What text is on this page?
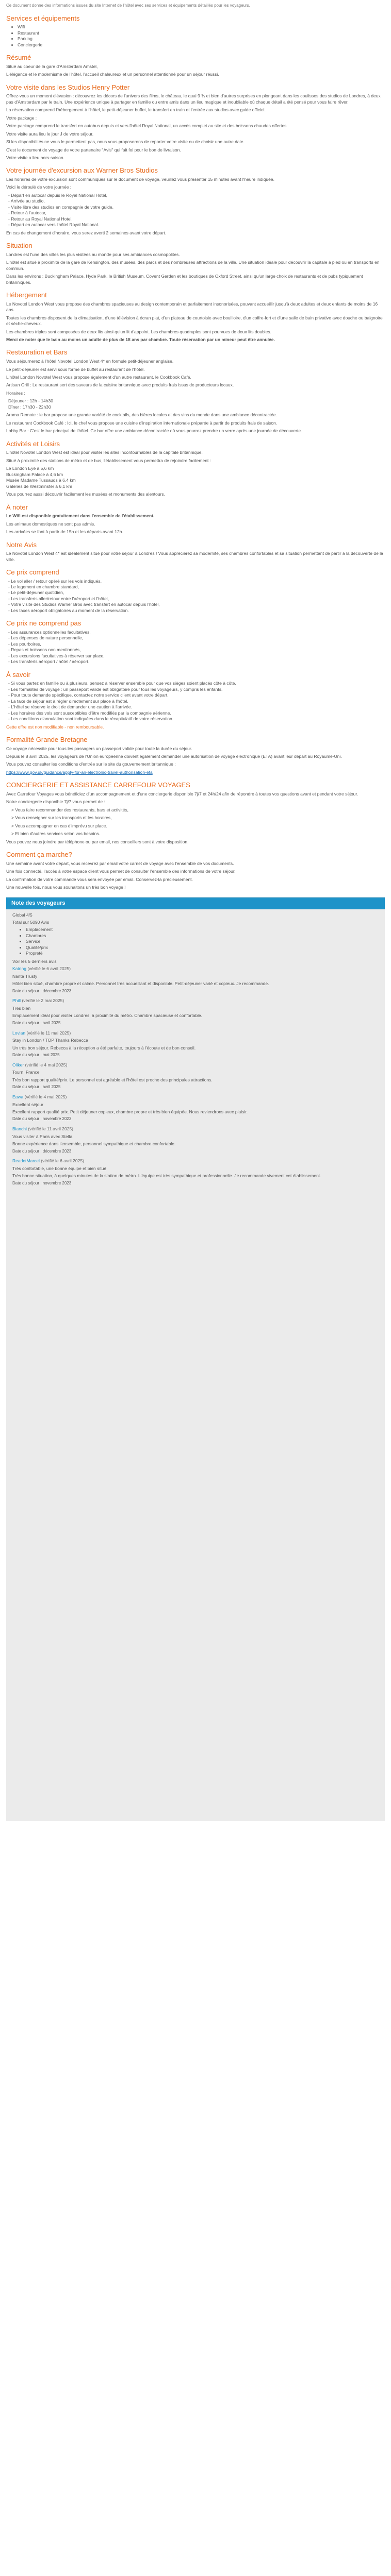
Ce document donne des informations issues du site Internet de l'hôtel avec ses services et équipements détaillés pour les voyageurs.

Services et équipements
• Wifi
• Restaurant
• Parking
• Conciergerie
Résumé

Situé au coeur de la gare d'Amsterdam Amstel,

L'élégance et le modernisme de l'hôtel, l'accueil chaleureux et un personnel attentionné pour un séjour réussi.

Votre visite dans les Studios Henry Potter

Offrez-vous un moment d'évasion : découvrez les décors de l'univers des films, le château, le quai 9 ¾ et bien d'autres surprises en plongeant dans les coulisses des studios de Londres, à deux pas d'Amsterdam par le train. Une expérience unique à partager en famille ou entre amis dans un lieu magique et inoubliable où chaque détail a été pensé pour vous faire rêver.

La réservation comprend l'hébergement à l'hôtel, le petit-déjeuner buffet, le transfert en train et l'entrée aux studios avec guide officiel.

Votre package :

Votre package comprend le transfert en autobus depuis et vers l'hôtel Royal National, un accès complet au site et des boissons chaudes offertes.

Votre visite aura lieu le jour J de votre séjour.

Si les disponibilités ne vous le permettent pas, nous vous proposerons de reporter votre visite ou de choisir une autre date.

C'est le document de voyage de votre partenaire "Avis" qui fait foi pour le bon de livraison.

Votre visite a lieu hors-saison.

Votre journée d'excursion aux Warner Bros Studios

Les horaires de votre excursion sont communiqués sur le document de voyage, veuillez vous présenter 15 minutes avant l'heure indiquée.

Voici le déroulé de votre journée :

- Départ en autocar depuis le Royal National Hotel,
- Arrivée au studio,
- Visite libre des studios en compagnie de votre guide,
- Retour à l'autocar,
- Retour au Royal National Hotel,
- Départ en autocar vers l'hôtel Royal National.

En cas de changement d'horaire, vous serez averti 2 semaines avant votre départ.

Situation

Londres est l'une des villes les plus visitées au monde pour ses ambiances cosmopolites.

L'hôtel est situé à proximité de la gare de Kensington, des musées, des parcs et des nombreuses attractions de la ville. Une situation idéale pour découvrir la capitale à pied ou en transports en commun.

Dans les environs : Buckingham Palace, Hyde Park, le British Museum, Covent Garden et les boutiques de Oxford Street, ainsi qu'un large choix de restaurants et de pubs typiquement britanniques.

Hébergement

Le Novotel London West vous propose des chambres spacieuses au design contemporain et parfaitement insonorisées, pouvant accueillir jusqu'à deux adultes et deux enfants de moins de 16 ans.

Toutes les chambres disposent de la climatisation, d'une télévision à écran plat, d'un plateau de courtoisie avec bouilloire, d'un coffre-fort et d'une salle de bain privative avec douche ou baignoire et sèche-cheveux.

Les chambres triples sont composées de deux lits ainsi qu'un lit d'appoint. Les chambres quadruples sont pourvues de deux lits doubles.

Merci de noter que le bain au moins un adulte de plus de 18 ans par chambre. Toute réservation par un mineur peut être annulée.

Restauration et Bars

Vous séjournerez à l'hôtel Novotel London West 4* en formule petit-déjeuner anglaise.

Le petit-déjeuner est servi sous forme de buffet au restaurant de l'hôtel.

L'hôtel London Novotel West vous propose également d'un autre restaurant, le Cookbook Café.

Artisan Grill : Le restaurant sert des saveurs de la cuisine britannique avec produits frais issus de producteurs locaux.

Horaires :

Déjeuner : 12h - 14h30
Dîner : 17h30 - 22h30

Aroma Remote : le bar propose une grande variété de cocktails, des bières locales et des vins du monde dans une ambiance décontractée.

Le restaurant Cookbook Café : Ici, le chef vous propose une cuisine d'inspiration internationale préparée à partir de produits frais de saison.

Lobby Bar : C'est le bar principal de l'hôtel. Ce bar offre une ambiance décontractée où vous pourrez prendre un verre après une journée de découverte.

Activités et Loisirs

L'hôtel Novotel London West est idéal pour visiter les sites incontournables de la capitale britannique.

Situé à proximité des stations de métro et de bus, l'établissement vous permettra de rejoindre facilement :

Le London Eye à 5,6 km

Buckingham Palace à 4,6 km

Musée Madame Tussauds à 6,4 km

Galeries de Westminster à 6,1 km

Vous pourrez aussi découvrir facilement les musées et monuments des alentours.

À noter

Le Wifi est disponible gratuitement dans l'ensemble de l'établissement.

Les animaux domestiques ne sont pas admis.

Les arrivées se font à partir de 15h et les départs avant 12h.

Notre Avis

Le Novotel London West 4* est idéalement situé pour votre séjour à Londres ! Vous apprécierez sa modernité, ses chambres confortables et sa situation permettant de partir à la découverte de la ville.

Ce prix comprend
- Le vol aller / retour opéré sur les vols indiqués,
- Le logement en chambre standard,
- Le petit-déjeuner quotidien,
- Les transferts aller/retour entre l'aéroport et l'hôtel,
- Votre visite des Studios Warner Bros avec transfert en autocar depuis l'hôtel,
- Les taxes aéroport obligatoires au moment de la réservation.
Ce prix ne comprend pas
- Les assurances optionnelles facultatives,
- Les dépenses de nature personnelle,
- Les pourboires,
- Repas et boissons non mentionnés,
- Les excursions facultatives à réserver sur place,
- Les transferts aéroport / hôtel / aéroport.
À savoir
- Si vous partez en famille ou à plusieurs, pensez à réserver ensemble pour que vos sièges soient placés côte à côte.
- Les formalités de voyage : un passeport valide est obligatoire pour tous les voyageurs, y compris les enfants.
- Pour toute demande spécifique, contactez notre service client avant votre départ.
- La taxe de séjour est à régler directement sur place à l'hôtel.
- L'hôtel se réserve le droit de demander une caution à l'arrivée.
- Les horaires des vols sont susceptibles d'être modifiés par la compagnie aérienne.
- Les conditions d'annulation sont indiquées dans le récapitulatif de votre réservation.

Cette offre est non modifiable - non remboursable.

Formalité Grande Bretagne

Ce voyage nécessite pour tous les passagers un passeport valide pour toute la durée du séjour.

Depuis le 8 avril 2025, les voyageurs de l'Union européenne doivent également demander une autorisation de voyage électronique (ETA) avant leur départ au Royaume-Uni.

Vous pouvez consulter les conditions d'entrée sur le site du gouvernement britannique :

https://www.gov.uk/guidance/apply-for-an-electronic-travel-authorisation-eta

CONCIERGERIE ET ASSISTANCE CARREFOUR VOYAGES

Avec Carrefour Voyages vous bénéficiez d'un accompagnement et d'une conciergerie disponible 7j/7 et 24h/24 afin de répondre à toutes vos questions avant et pendant votre séjour.

Notre conciergerie disponible 7j/7 vous permet de :

> Vous faire recommander des restaurants, bars et activités,

> Vous renseigner sur les transports et les horaires,

> Vous accompagner en cas d'imprévu sur place.

> Et bien d'autres services selon vos besoins.

Vous pouvez nous joindre par téléphone ou par email, nos conseillers sont à votre disposition.

Comment ça marche?

Une semaine avant votre départ, vous recevrez par email votre carnet de voyage avec l'ensemble de vos documents.

Une fois connecté, l'accès à votre espace client vous permet de consulter l'ensemble des informations de votre séjour.

La confirmation de votre commande vous sera envoyée par email. Conservez-la précieusement.

Une nouvelle fois, nous vous souhaitons un très bon voyage !

Note des voyageurs

Global 4/5

Total sur 5090 Avis

• Emplacement
• Chambres
• Service
• Qualité/prix
• Propreté

Voir les 5 derniers avis

Katring (vérifié le 6 avril 2025)

Nanta Trusty

Hôtel bien situé, chambre propre et calme. Personnel très accueillant et disponible. Petit-déjeuner varié et copieux. Je recommande.

Date du séjour : décembre 2023

Phill (vérifié le 2 mai 2025)

Tres bien

Emplacement idéal pour visiter Londres, à proximité du métro. Chambre spacieuse et confortable.

Date du séjour : avril 2025

Lovian (vérifié le 11 mai 2025)

Stay in London / TOP Thanks Rebecca

Un très bon séjour. Rebecca à la réception a été parfaite, toujours à l'écoute et de bon conseil.

Date du séjour : mai 2025

Oliker (vérifié le 4 mai 2025)

Tourn, France

Très bon rapport qualité/prix. Le personnel est agréable et l'hôtel est proche des principales attractions.

Date du séjour : avril 2025

Eawa (vérifié le 4 mai 2025)

Excellent séjour

Excellent rapport qualité prix. Petit déjeuner copieux, chambre propre et très bien équipée. Nous reviendrons avec plaisir.

Date du séjour : novembre 2023

Bianchi (vérifié le 11 avril 2025)

Vous visiter à Paris avec Stella

Bonne expérience dans l'ensemble, personnel sympathique et chambre confortable.

Date du séjour : décembre 2023

ReadetMarcel (vérifié le 6 avril 2025)

Très confortable, une bonne équipe et bien situé

Très bonne situation, à quelques minutes de la station de métro. L'équipe est très sympathique et professionnelle. Je recommande vivement cet établissement.

Date du séjour : novembre 2023
